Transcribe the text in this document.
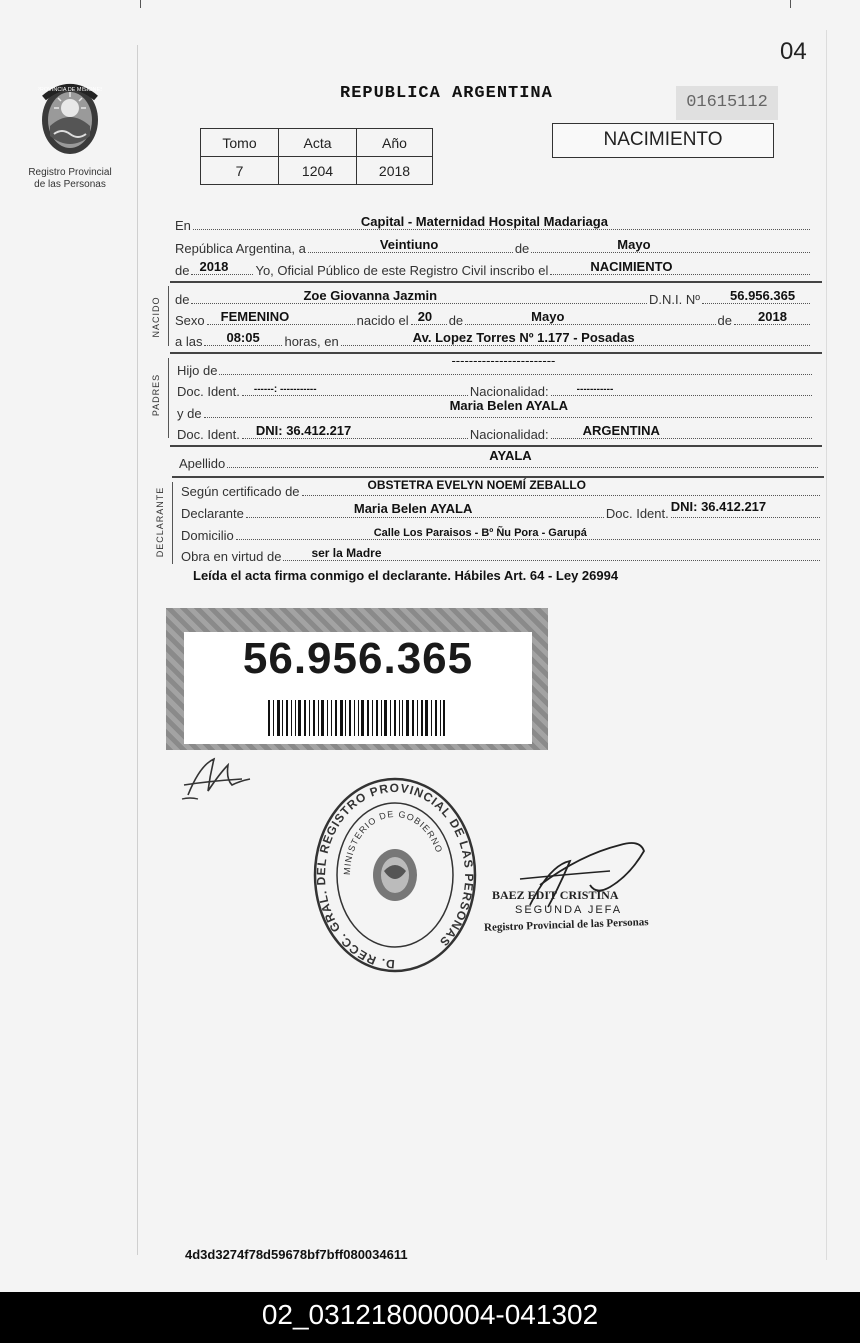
04
PROVINCIA DE MISIONES
Registro Provincial
de las Personas
REPUBLICA ARGENTINA	01615112
Tomo	Acta	Año
7	1204	2018
NACIMIENTO
En	Capital - Maternidad Hospital Madariaga
República Argentina, a	Veintiuno	de	Mayo
de 2018 Yo, Oficial Público de este Registro Civil inscribo el	NACIMIENTO
NACIDO de	Zoe Giovanna Jazmin	D.N.I. Nº 56.956.365
Sexo FEMENINO	nacido el 20 de	Mayo	de 2018
a las 08:05 horas, en	Av. Lopez Torres Nº 1.177 - Posadas
PADRES
Hijo de
------------------------
Doc. Ident. ------: -----------	Nacionalidad:	-----------
y de
Maria Belen AYALA
Doc. Ident. DNI: 36.412.217	Nacionalidad:	ARGENTINA
Apellido
AYALA
DECLARANTE Según certificado de	OBSTETRA EVELYN NOEMÍ ZEBALLO
Declarante	Maria Belen AYALA	Doc. Ident. DNI: 36.412.217
Domicilio	Calle Los Paraisos - Bº Ñu Pora - Garupá
Obra en virtud de	ser la Madre
Leída el acta firma conmigo el declarante. Hábiles Art. 64 - Ley 26994
56.956.365
D. RECC. GRAL. DEL REGISTRO PROVINCIAL DE LAS PERSONAS
MINISTERIO DE GOBIERNO
BAEZ EDIT CRISTINA
SEGUNDA JEFA
Registro Provincial de las Personas
4d3d3274f78d59678bf7bff080034611
02_031218000004-041302
